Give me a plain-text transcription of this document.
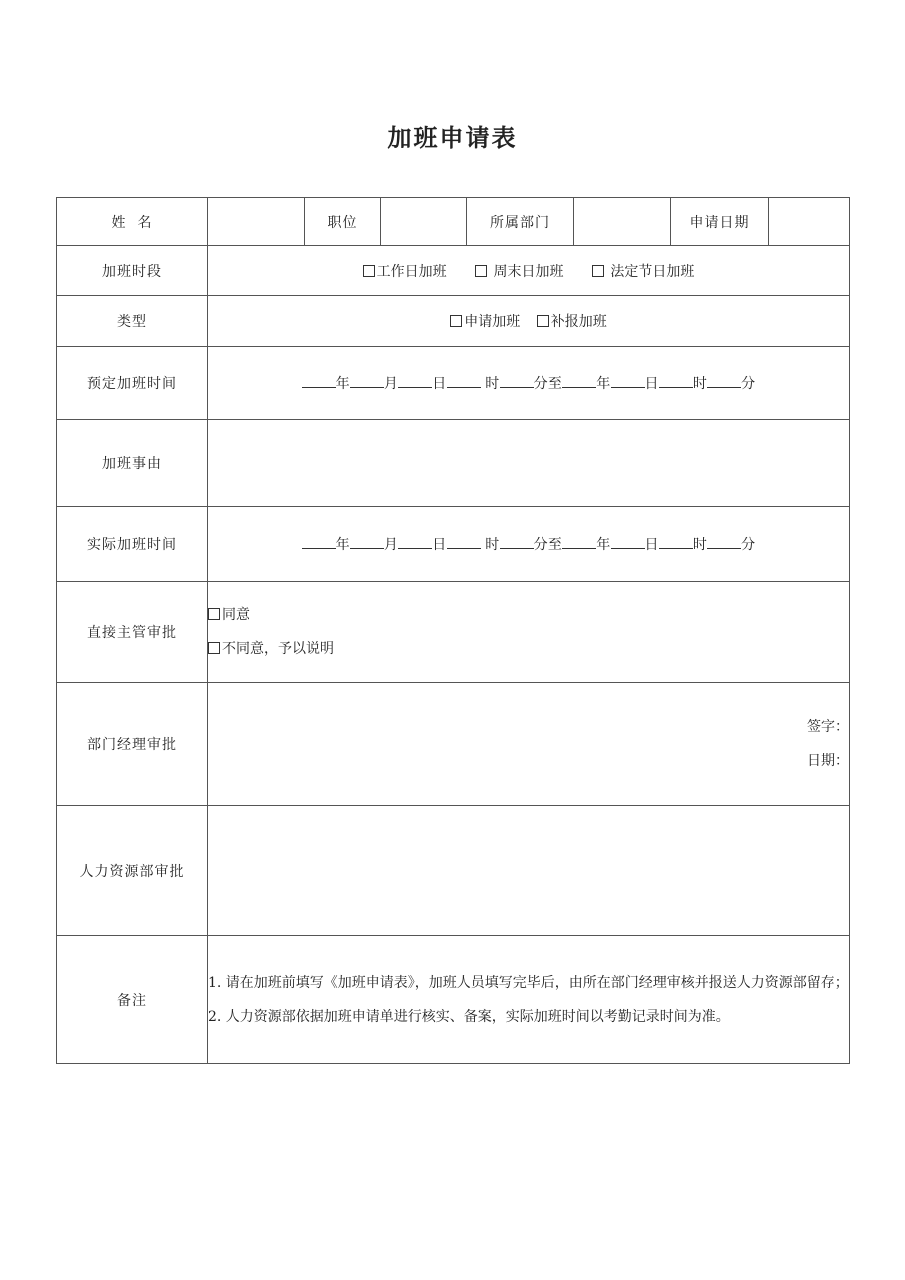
加班申请表
姓  名		职位		所属部门		申请日期	
加班时段	工作日加班 周末日加班 法定节日加班						
类型	申请加班 补报加班						
预定加班时间	年 月 日 时 分至 年 日 时 分						
加班事由							
实际加班时间	年 月 日 时 分至 年 日 时 分						
直接主管审批	同意
不同意，予以说明						

部门经理审批	签字：
日期：						

人力资源部审批							
备注	1. 请在加班前填写《加班申请表》，加班人员填写完毕后，由所在部门经理审核并报送人力资源部留存；
2. 人力资源部依据加班申请单进行核实、备案，实际加班时间以考勤记录时间为准。						
